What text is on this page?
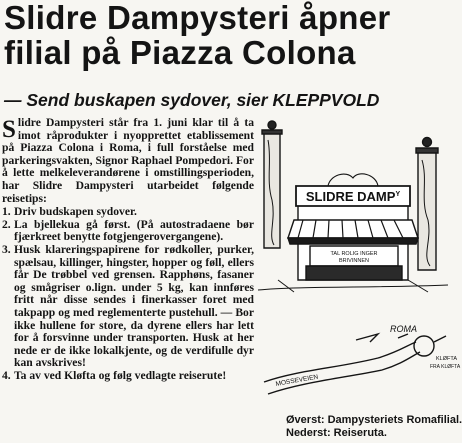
Slidre Dampysteri åpner
filial på Piazza Colona
— Send buskapen sydover, sier KLEPPVOLD

Slidre Dampysteri står fra 1. juni klar til å ta imot råprodukter i nyopprettet etablissement på Piazza Colona i Roma, i full forståelse med parkeringsvakten, Signor Raphael Pompedori. For å lette melkeleverandørene i omstillingsperioden, har Slidre Dampysteri utarbeidet følgende reisetips:

1. Driv budskapen sydover.
2. La bjellekua gå først. (På autostradaene bør fjærkreet benytte fotgjengerovergangene).
3. Husk klareringspapirene for rødkoller, purker, spælsau, killinger, hingster, hopper og føll, ellers får De trøbbel ved grensen. Rapphøns, fasaner og smågriser o.lign. under 5 kg, kan innføres fritt når disse sendes i finerkasser foret med takpapp og med reglementerte pustehull. — Bor ikke hullene for store, da dyrene ellers har lett for å forsvinne under transporten. Husk at her nede er de ikke lokalkjente, og de verdifulle dyr kan avskrives!
4. Ta av ved Kløfta og følg vedlagte reiserute!
SLIDRE $DAMP^Y$
TAL ROLIG INGER
BRIVINNEN
ROMA
MOSSEVEIEN
KLØFTA
FRA KLØFTA
Øverst: Dampysteriets Romafilial.
Nederst: Reiseruta.
